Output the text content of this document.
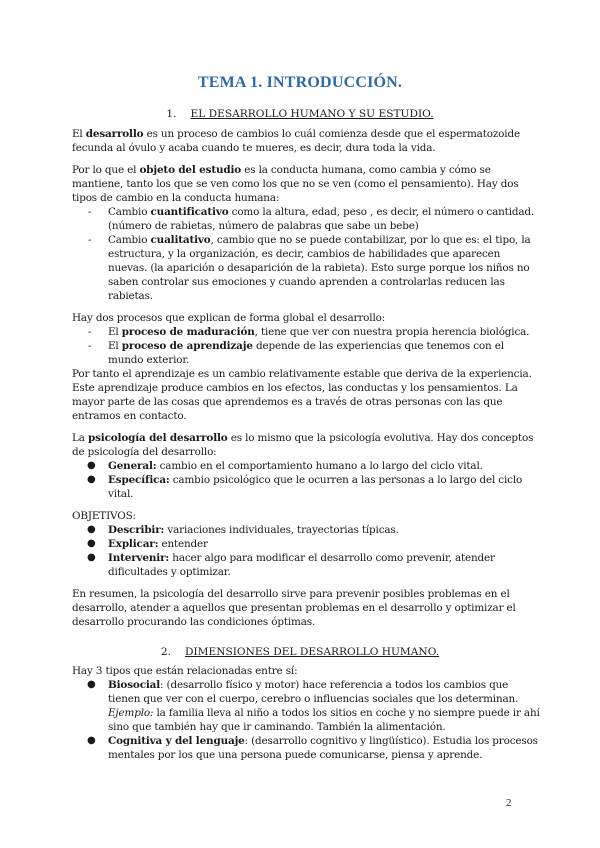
TEMA 1. INTRODUCCIÓN.
1. EL DESARROLLO HUMANO Y SU ESTUDIO.

El desarrollo es un proceso de cambios lo cuál comienza desde que el espermatozoide fecunda al óvulo y acaba cuando te mueres, es decir, dura toda la vida.

Por lo que el objeto del estudio es la conducta humana, como cambia y cómo se mantiene, tanto los que se ven como los que no se ven (como el pensamiento). Hay dos tipos de cambio en la conducta humana:

- Cambio cuantificativo como la altura, edad, peso , es decir, el número o cantidad. (número de rabietas, número de palabras que sabe un bebe)
- Cambio cualitativo, cambio que no se puede contabilizar, por lo que es: el tipo, la estructura, y la organización, es decir, cambios de habilidades que aparecen nuevas. (la aparición o desaparición de la rabieta). Esto surge porque los niños no saben controlar sus emociones y cuando aprenden a controlarlas reducen las rabietas.

Hay dos procesos que explican de forma global el desarrollo:

- El proceso de maduración, tiene que ver con nuestra propia herencia biológica.
- El proceso de aprendizaje depende de las experiencias que tenemos con el mundo exterior.

Por tanto el aprendizaje es un cambio relativamente estable que deriva de la experiencia. Este aprendizaje produce cambios en los efectos, las conductas y los pensamientos. La mayor parte de las cosas que aprendemos es a través de otras personas con las que entramos en contacto.

La psicología del desarrollo es lo mismo que la psicología evolutiva. Hay dos conceptos de psicología del desarrollo:

● General: cambio en el comportamiento humano a lo largo del ciclo vital.
● Específica: cambio psicológico que le ocurren a las personas a lo largo del ciclo vital.

OBJETIVOS:

● Describir: variaciones individuales, trayectorias típicas.
● Explicar: entender
● Intervenir: hacer algo para modificar el desarrollo como prevenir, atender dificultades y optimizar.

En resumen, la psicología del desarrollo sirve para prevenir posibles problemas en el desarrollo, atender a aquellos que presentan problemas en el desarrollo y optimizar el desarrollo procurando las condiciones óptimas.

2. DIMENSIONES DEL DESARROLLO HUMANO.

Hay 3 tipos que están relacionadas entre sí:

● Biosocial: (desarrollo físico y motor) hace referencia a todos los cambios que tienen que ver con el cuerpo, cerebro o influencias sociales que los determinan. Ejemplo: la familia lleva al niño a todos los sitios en coche y no siempre puede ir ahí sino que también hay que ir caminando. También la alimentación.
● Cognitiva y del lenguaje: (desarrollo cognitivo y lingüístico). Estudia los procesos mentales por los que una persona puede comunicarse, piensa y aprende.
2
